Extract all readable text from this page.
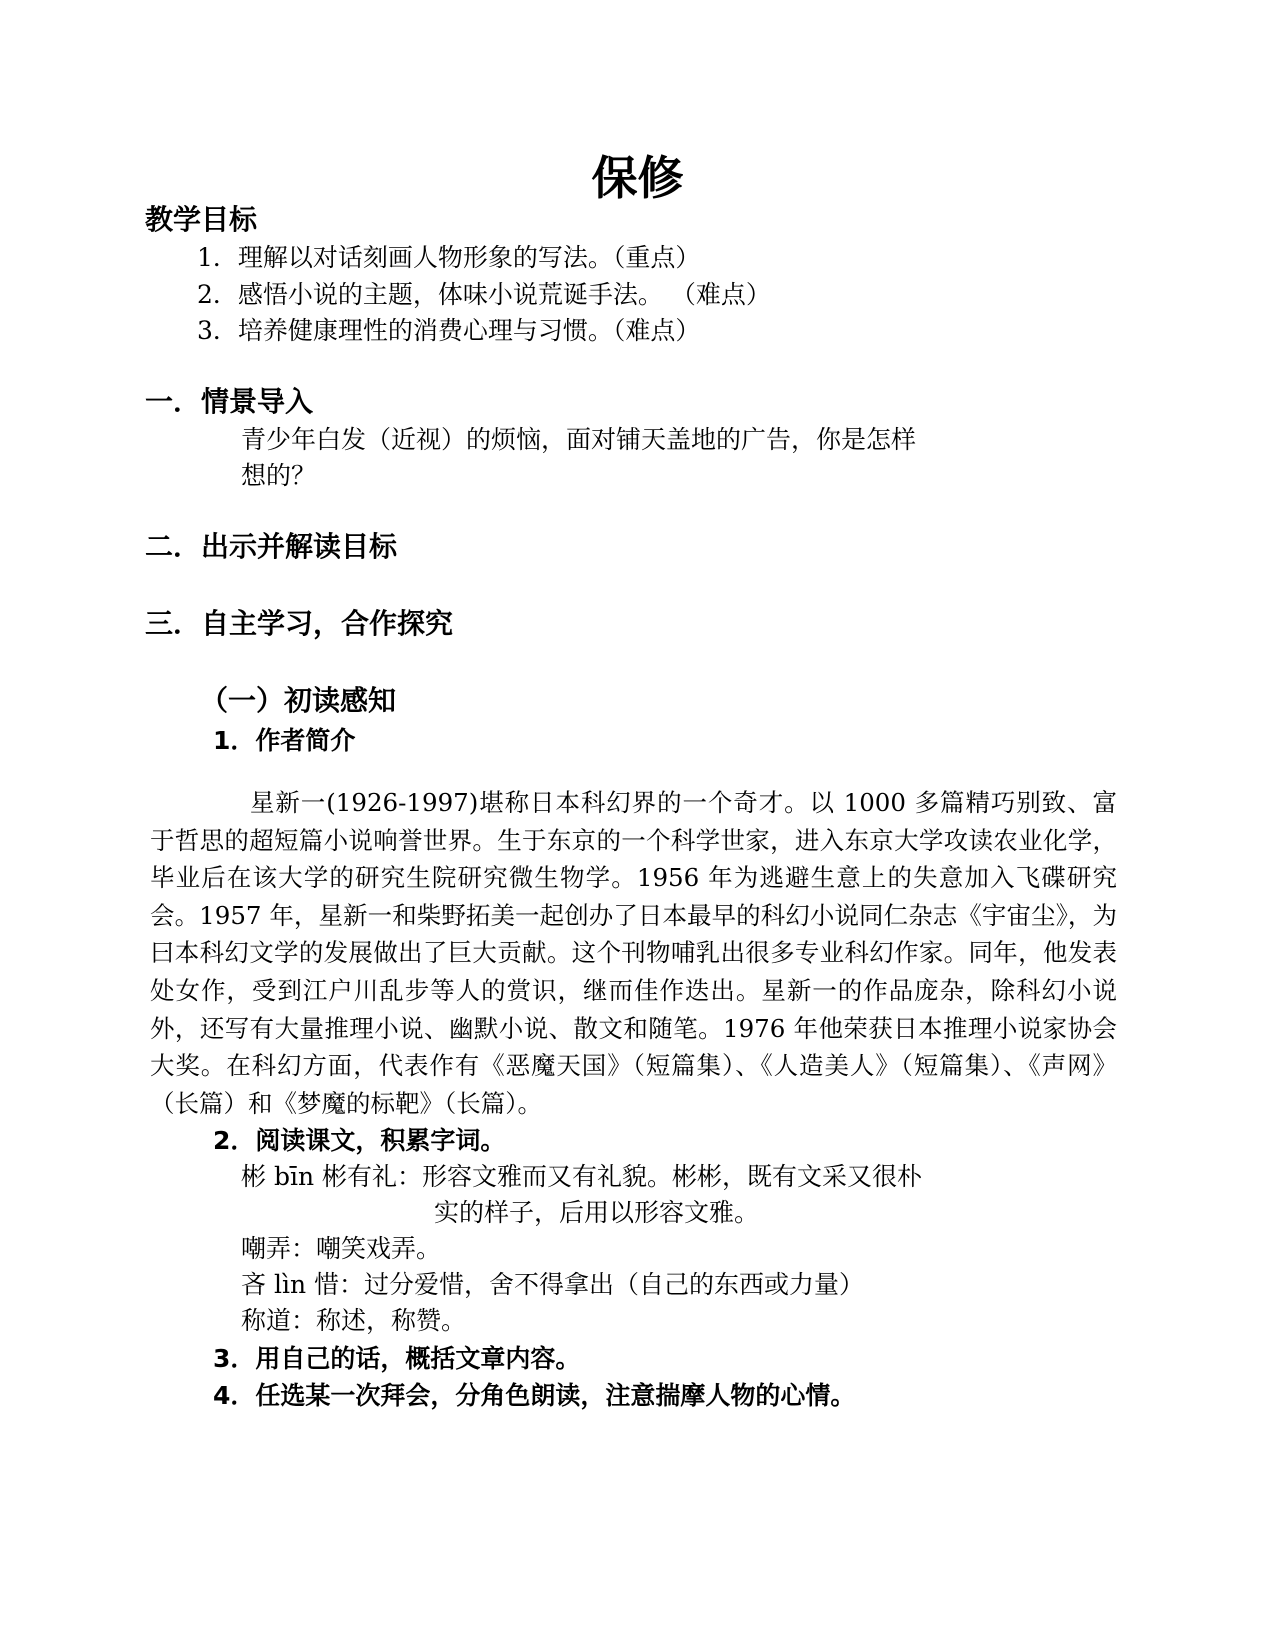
保修
教学目标
1．理解以对话刻画人物形象的写法。（重点）
2．感悟小说的主题，体味小说荒诞手法。 （难点）
3．培养健康理性的消费心理与习惯。（难点）
一．情景导入
青少年白发（近视）的烦恼，面对铺天盖地的广告，你是怎样
想的？
二．出示并解读目标
三．自主学习，合作探究
（一）初读感知
1．作者简介
星新一(1926-1997)堪称日本科幻界的一个奇才。以 1000 多篇精巧别致、富于哲思的超短篇小说响誉世界。生于东京的一个科学世家，进入东京大学攻读农业化学，毕业后在该大学的研究生院研究微生物学。1956 年为逃避生意上的失意加入飞碟研究会。1957 年，星新一和柴野拓美一起创办了日本最早的科幻小说同仁杂志《宇宙尘》，为曰本科幻文学的发展做出了巨大贡献。这个刊物哺乳出很多专业科幻作家。同年，他发表处女作，受到江户川乱步等人的赏识，继而佳作迭出。星新一的作品庞杂，除科幻小说外，还写有大量推理小说、幽默小说、散文和随笔。1976 年他荣获日本推理小说家协会大奖。在科幻方面，代表作有《恶魔天国》（短篇集）、《人造美人》（短篇集）、《声网》（长篇）和《梦魔的标靶》（长篇）。
2．阅读课文，积累字词。
彬 bīn 彬有礼：形容文雅而又有礼貌。彬彬，既有文采又很朴
实的样子，后用以形容文雅。
嘲弄：嘲笑戏弄。
吝 lìn 惜：过分爱惜，舍不得拿出（自己的东西或力量）
称道：称述，称赞。
3．用自己的话，概括文章内容。
4．任选某一次拜会，分角色朗读，注意揣摩人物的心情。
